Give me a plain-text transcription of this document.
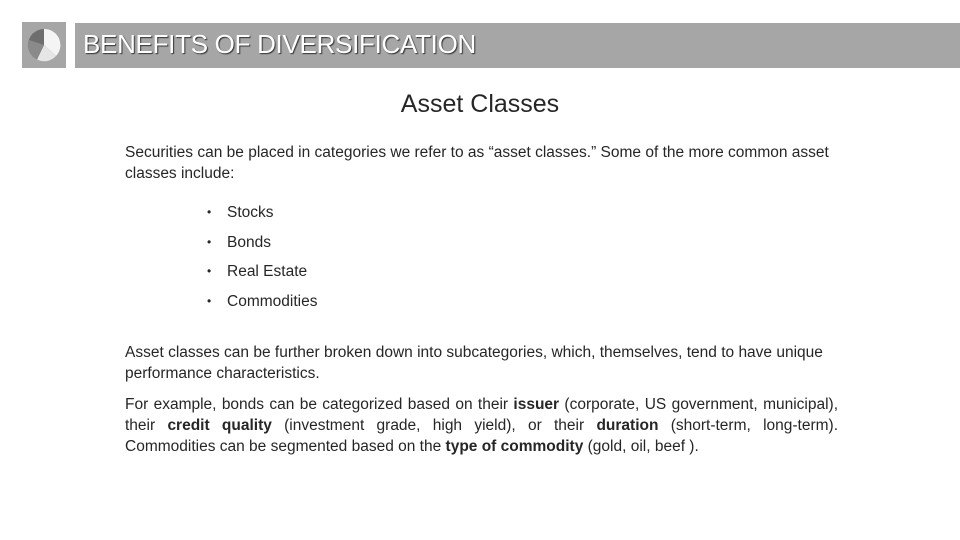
BENEFITS OF DIVERSIFICATION
Asset Classes

Securities can be placed in categories we refer to as “asset classes.” Some of the more common asset classes include:

• Stocks
• Bonds
• Real Estate
• Commodities

Asset classes can be further broken down into subcategories, which, themselves, tend to have unique performance characteristics.

For example, bonds can be categorized based on their issuer (corporate, US government, municipal), their credit quality (investment grade, high yield), or their duration (short-term, long-term). Commodities can be segmented based on the type of commodity (gold, oil, beef ).
